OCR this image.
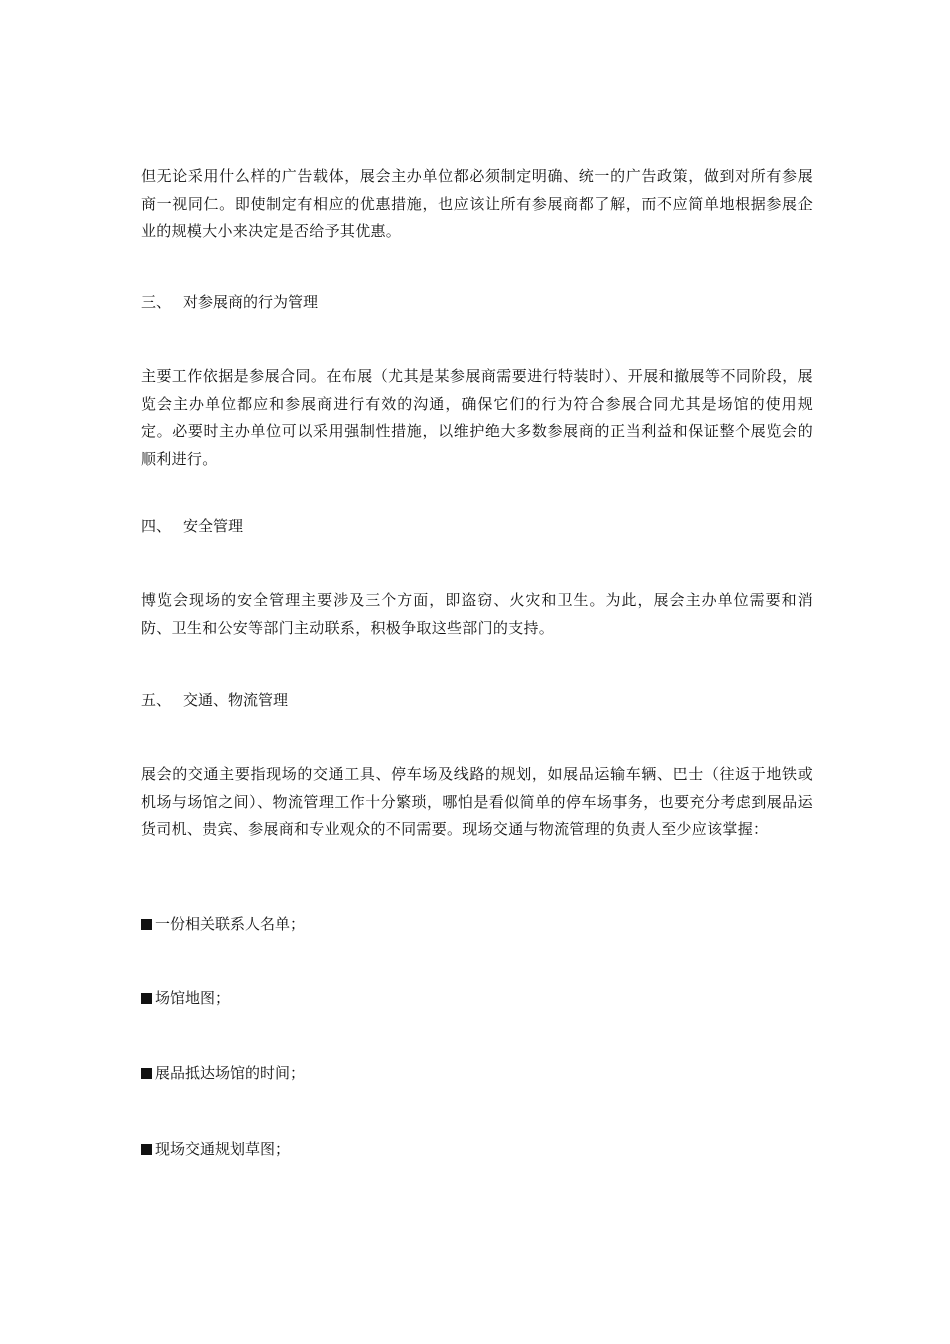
但无论采用什么样的广告载体，展会主办单位都必须制定明确、统一的广告政策，做到对所有参展商一视同仁。即使制定有相应的优惠措施，也应该让所有参展商都了解，而不应简单地根据参展企业的规模大小来决定是否给予其优惠。

三、 对参展商的行为管理

主要工作依据是参展合同。在布展（尤其是某参展商需要进行特装时）、开展和撤展等不同阶段，展览会主办单位都应和参展商进行有效的沟通，确保它们的行为符合参展合同尤其是场馆的使用规定。必要时主办单位可以采用强制性措施，以维护绝大多数参展商的正当利益和保证整个展览会的顺利进行。

四、 安全管理

博览会现场的安全管理主要涉及三个方面，即盗窃、火灾和卫生。为此，展会主办单位需要和消防、卫生和公安等部门主动联系，积极争取这些部门的支持。

五、 交通、物流管理

展会的交通主要指现场的交通工具、停车场及线路的规划，如展品运输车辆、巴士（往返于地铁或机场与场馆之间）、物流管理工作十分繁琐，哪怕是看似简单的停车场事务，也要充分考虑到展品运货司机、贵宾、参展商和专业观众的不同需要。现场交通与物流管理的负责人至少应该掌握：

一份相关联系人名单；
场馆地图；
展品抵达场馆的时间；
现场交通规划草图；
